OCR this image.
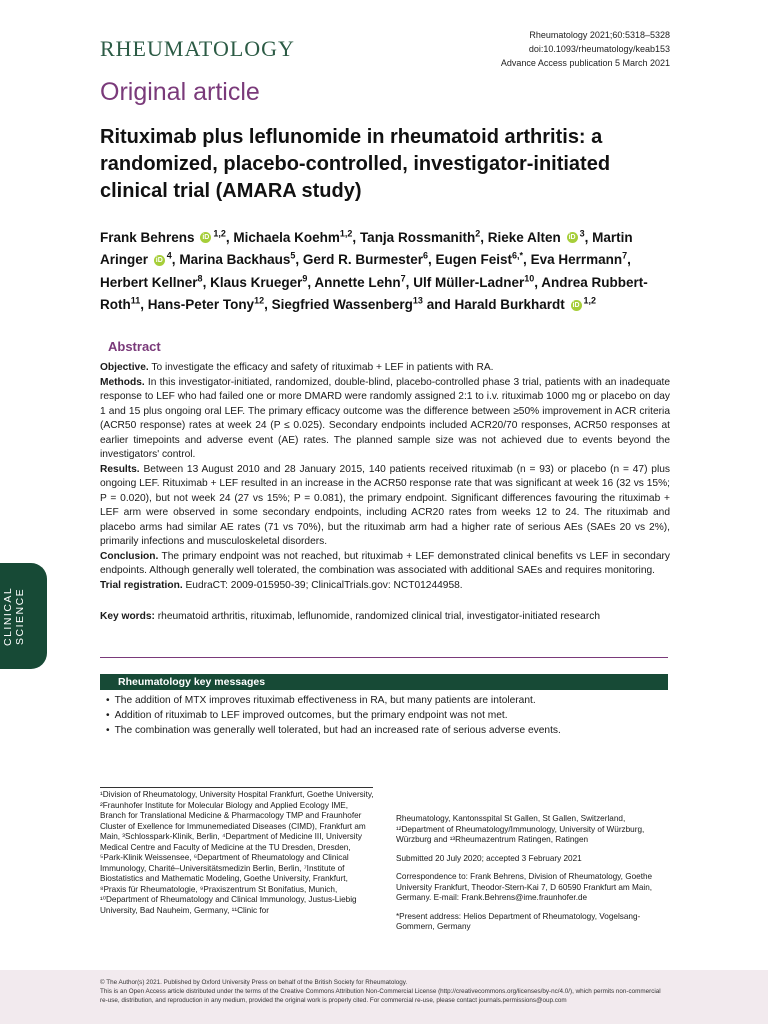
RHEUMATOLOGY
Rheumatology 2021;60:5318–5328
doi:10.1093/rheumatology/keab153
Advance Access publication 5 March 2021
Original article
Rituximab plus leflunomide in rheumatoid arthritis: a randomized, placebo-controlled, investigator-initiated clinical trial (AMARA study)
Frank Behrens iD $^{1,2}$, Michaela Koehm$^{1,2}$, Tanja Rossmanith$^2$, Rieke Alten iD $^3$, Martin Aringer iD $^4$, Marina Backhaus$^5$, Gerd R. Burmester$^6$, Eugen Feist$^{6,*}$, Eva Herrmann$^7$, Herbert Kellner$^8$, Klaus Krueger$^9$, Annette Lehn$^7$, Ulf Müller-Ladner$^{10}$, Andrea Rubbert-Roth$^{11}$, Hans-Peter Tony$^{12}$, Siegfried Wassenberg$^{13}$ and Harald Burkhardt iD $^{1,2}$
Abstract

Objective. To investigate the efficacy and safety of rituximab + LEF in patients with RA.

Methods. In this investigator-initiated, randomized, double-blind, placebo-controlled phase 3 trial, patients with an inadequate response to LEF who had failed one or more DMARD were randomly assigned 2:1 to i.v. rituximab 1000 mg or placebo on day 1 and 15 plus ongoing oral LEF. The primary efficacy outcome was the difference between ≥50% improvement in ACR criteria (ACR50 response) rates at week 24 (P ≤ 0.025). Secondary endpoints included ACR20/70 responses, ACR50 responses at earlier timepoints and adverse event (AE) rates. The planned sample size was not achieved due to events beyond the investigators' control.

Results. Between 13 August 2010 and 28 January 2015, 140 patients received rituximab (n = 93) or placebo (n = 47) plus ongoing LEF. Rituximab + LEF resulted in an increase in the ACR50 response rate that was significant at week 16 (32 vs 15%; P = 0.020), but not week 24 (27 vs 15%; P = 0.081), the primary endpoint. Significant differences favouring the rituximab + LEF arm were observed in some secondary endpoints, including ACR20 rates from weeks 12 to 24. The rituximab and placebo arms had similar AE rates (71 vs 70%), but the rituximab arm had a higher rate of serious AEs (SAEs 20 vs 2%), primarily infections and musculoskeletal disorders.

Conclusion. The primary endpoint was not reached, but rituximab + LEF demonstrated clinical benefits vs LEF in secondary endpoints. Although generally well tolerated, the combination was associated with additional SAEs and requires monitoring.

Trial registration. EudraCT: 2009-015950-39; ClinicalTrials.gov: NCT01244958.

Key words: rheumatoid arthritis, rituximab, leflunomide, randomized clinical trial, investigator-initiated research
Rheumatology key messages
• The addition of MTX improves rituximab effectiveness in RA, but many patients are intolerant.
• Addition of rituximab to LEF improved outcomes, but the primary endpoint was not met.
• The combination was generally well tolerated, but had an increased rate of serious adverse events.
CLINICAL
SCIENCE
¹Division of Rheumatology, University Hospital Frankfurt, Goethe University, ²Fraunhofer Institute for Molecular Biology and Applied Ecology IME, Branch for Translational Medicine & Pharmacology TMP and Fraunhofer Cluster of Exellence for Immunemediated Diseases (CIMD), Frankfurt am Main, ³Schlosspark-Klinik, Berlin, ⁴Department of Medicine III, University Medical Centre and Faculty of Medicine at the TU Dresden, Dresden, ⁵Park-Klinik Weissensee, ⁶Department of Rheumatology and Clinical Immunology, Charité–Universitätsmedizin Berlin, Berlin, ⁷Institute of Biostatistics and Mathematic Modeling, Goethe University, Frankfurt, ⁸Praxis für Rheumatologie, ⁹Praxiszentrum St Bonifatius, Munich, ¹⁰Department of Rheumatology and Clinical Immunology, Justus-Liebig University, Bad Nauheim, Germany, ¹¹Clinic for

Rheumatology, Kantonsspital St Gallen, St Gallen, Switzerland, ¹²Department of Rheumatology/Immunology, University of Würzburg, Würzburg and ¹³Rheumazentrum Ratingen, Ratingen

Submitted 20 July 2020; accepted 3 February 2021

Correspondence to: Frank Behrens, Division of Rheumatology, Goethe University Frankfurt, Theodor-Stern-Kai 7, D 60590 Frankfurt am Main, Germany. E-mail: Frank.Behrens@ime.fraunhofer.de

*Present address: Helios Department of Rheumatology, Vogelsang-Gommern, Germany

© The Author(s) 2021. Published by Oxford University Press on behalf of the British Society for Rheumatology.
This is an Open Access article distributed under the terms of the Creative Commons Attribution Non-Commercial License (http://creativecommons.org/licenses/by-nc/4.0/), which permits non-commercial re-use, distribution, and reproduction in any medium, provided the original work is properly cited. For commercial re-use, please contact journals.permissions@oup.com
